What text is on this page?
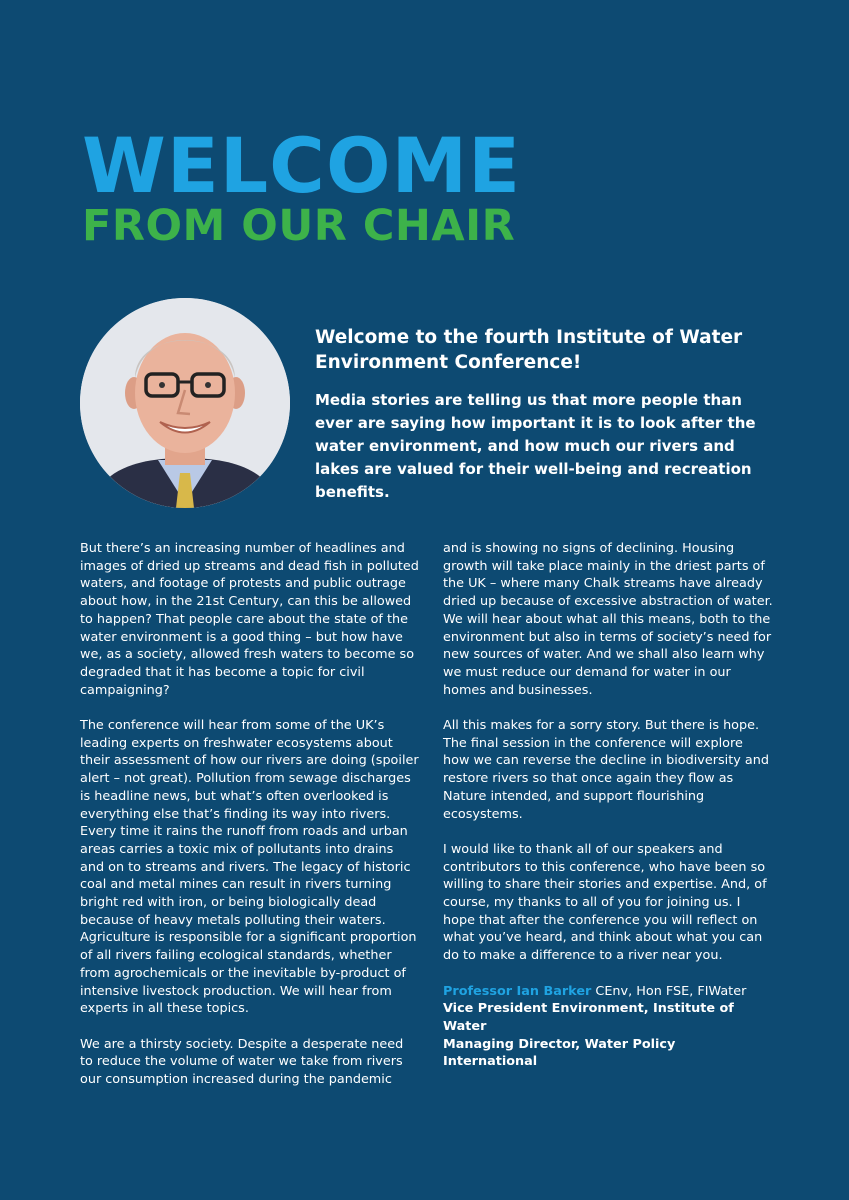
WELCOME
FROM OUR CHAIR

Welcome to the fourth Institute of Water Environment Conference!

Media stories are telling us that more people than ever are saying how important it is to look after the water environment, and how much our rivers and lakes are valued for their well-being and recreation benefits.

But there’s an increasing number of headlines and images of dried up streams and dead fish in polluted waters, and footage of protests and public outrage about how, in the 21st Century, can this be allowed to happen? That people care about the state of the water environment is a good thing – but how have we, as a society, allowed fresh waters to become so degraded that it has become a topic for civil campaigning?

The conference will hear from some of the UK’s leading experts on freshwater ecosystems about their assessment of how our rivers are doing (spoiler alert – not great). Pollution from sewage discharges is headline news, but what’s often overlooked is everything else that’s finding its way into rivers. Every time it rains the runoff from roads and urban areas carries a toxic mix of pollutants into drains and on to streams and rivers. The legacy of historic coal and metal mines can result in rivers turning bright red with iron, or being biologically dead because of heavy metals polluting their waters. Agriculture is responsible for a significant proportion of all rivers failing ecological standards, whether from agrochemicals or the inevitable by-product of intensive livestock production. We will hear from experts in all these topics.

We are a thirsty society. Despite a desperate need to reduce the volume of water we take from rivers our consumption increased during the pandemic

and is showing no signs of declining. Housing growth will take place mainly in the driest parts of the UK – where many Chalk streams have already dried up because of excessive abstraction of water. We will hear about what all this means, both to the environment but also in terms of society’s need for new sources of water. And we shall also learn why we must reduce our demand for water in our homes and businesses.

All this makes for a sorry story. But there is hope. The final session in the conference will explore how we can reverse the decline in biodiversity and restore rivers so that once again they flow as Nature intended, and support flourishing ecosystems.

I would like to thank all of our speakers and contributors to this conference, who have been so willing to share their stories and expertise. And, of course, my thanks to all of you for joining us. I hope that after the conference you will reflect on what you’ve heard, and think about what you can do to make a difference to a river near you.

Professor Ian Barker CEnv, Hon FSE, FIWater

Vice President Environment, Institute of Water

Managing Director, Water Policy International
